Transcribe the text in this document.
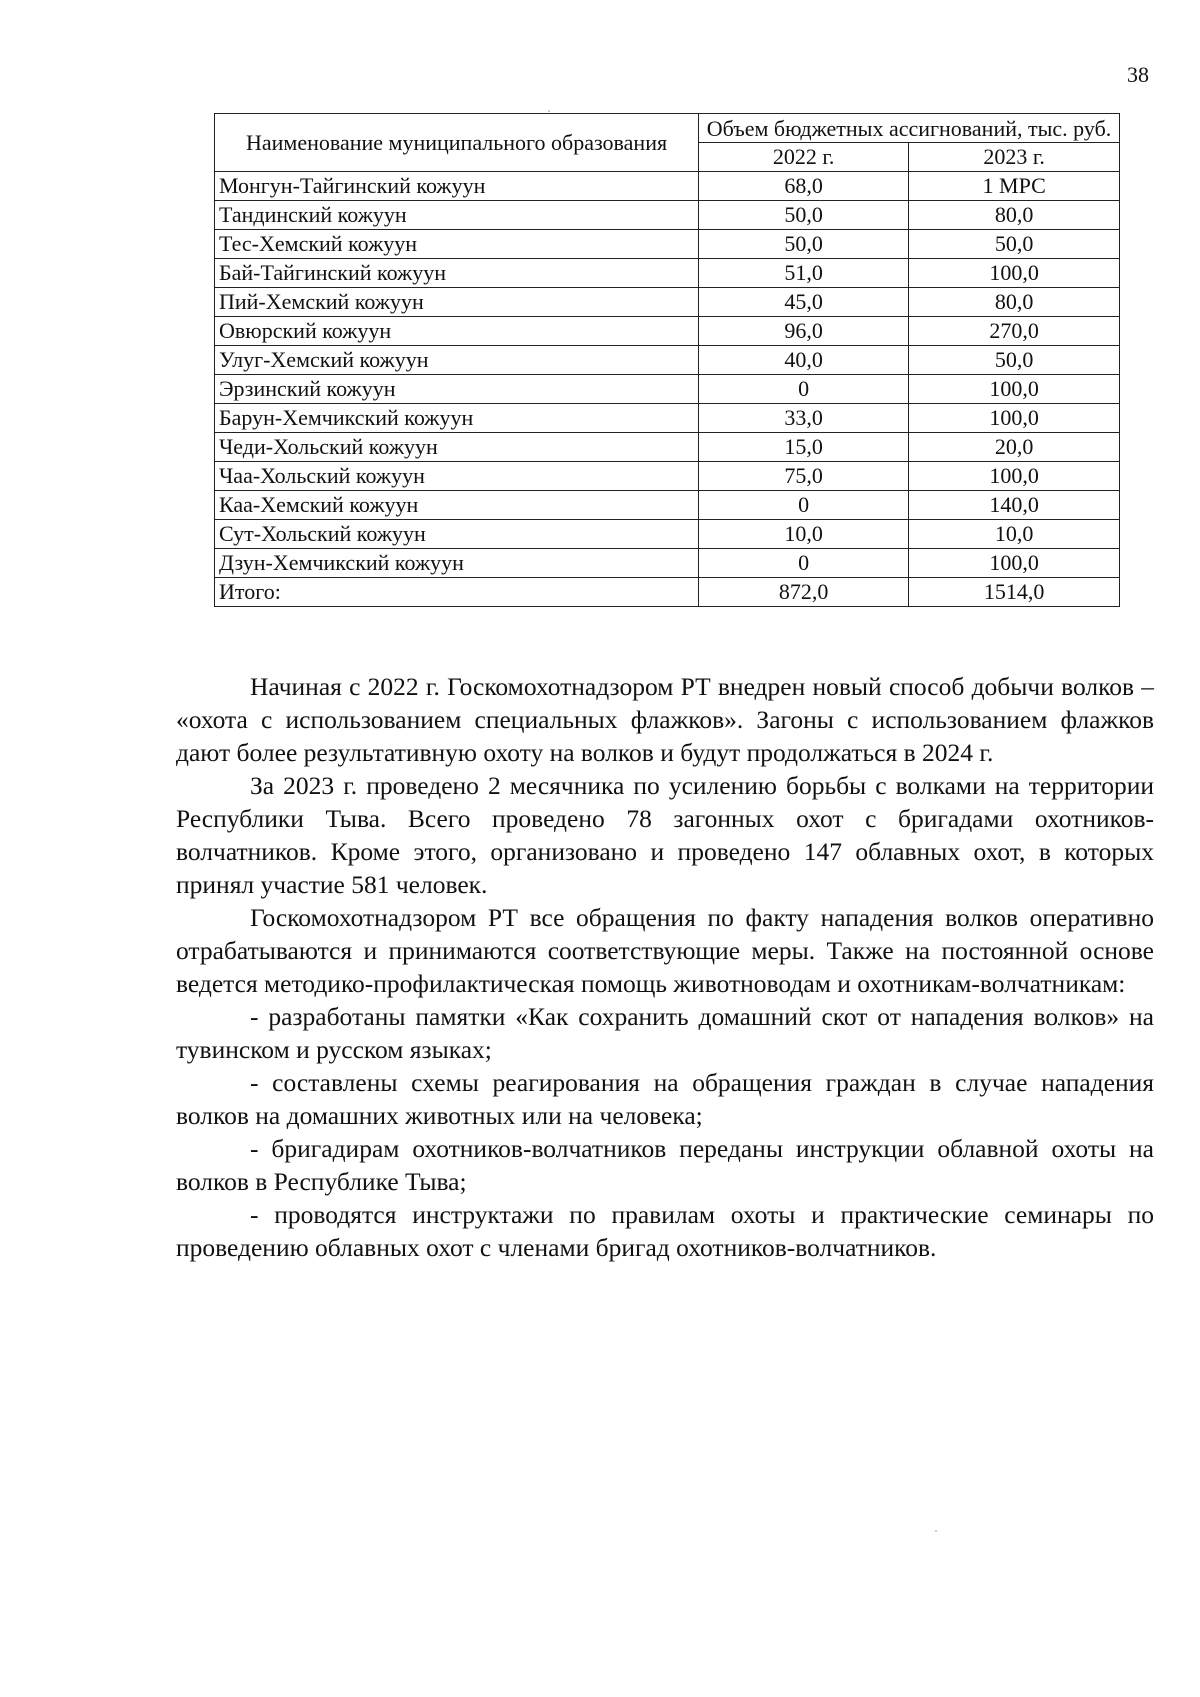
38
Наименование муниципального образования	Объем бюджетных ассигнований, тыс. руб.	
	2022 г.	2023 г.
Монгун-Тайгинский кожуун	68,0	1 МРС
Тандинский кожуун	50,0	80,0
Тес-Хемский кожуун	50,0	50,0
Бай-Тайгинский кожуун	51,0	100,0
Пий-Хемский кожуун	45,0	80,0
Овюрский кожуун	96,0	270,0
Улуг-Хемский кожуун	40,0	50,0
Эрзинский кожуун	0	100,0
Барун-Хемчикский кожуун	33,0	100,0
Чеди-Хольский кожуун	15,0	20,0
Чаа-Хольский кожуун	75,0	100,0
Каа-Хемский кожуун	0	140,0
Сут-Хольский кожуун	10,0	10,0
Дзун-Хемчикский кожуун	0	100,0
Итого:	872,0	1514,0

Начиная с 2022 г. Госкомохотнадзором РТ внедрен новый способ добычи волков – «охота с использованием специальных флажков». Загоны с использованием флажков дают более результативную охоту на волков и будут продолжаться в 2024 г.

За 2023 г. проведено 2 месячника по усилению борьбы с волками на территории Республики Тыва. Всего проведено 78 загонных охот с бригадами охотников-волчатников. Кроме этого, организовано и проведено 147 облавных охот, в которых принял участие 581 человек.

Госкомохотнадзором РТ все обращения по факту нападения волков оперативно отрабатываются и принимаются соответствующие меры. Также на постоянной основе ведется методико-профилактическая помощь животноводам и охотникам-волчатникам:

- разработаны памятки «Как сохранить домашний скот от нападения волков» на тувинском и русском языках;

- составлены схемы реагирования на обращения граждан в случае нападения волков на домашних животных или на человека;

- бригадирам охотников-волчатников переданы инструкции облавной охоты на волков в Республике Тыва;

- проводятся инструктажи по правилам охоты и практические семинары по проведению облавных охот с членами бригад охотников-волчатников.
